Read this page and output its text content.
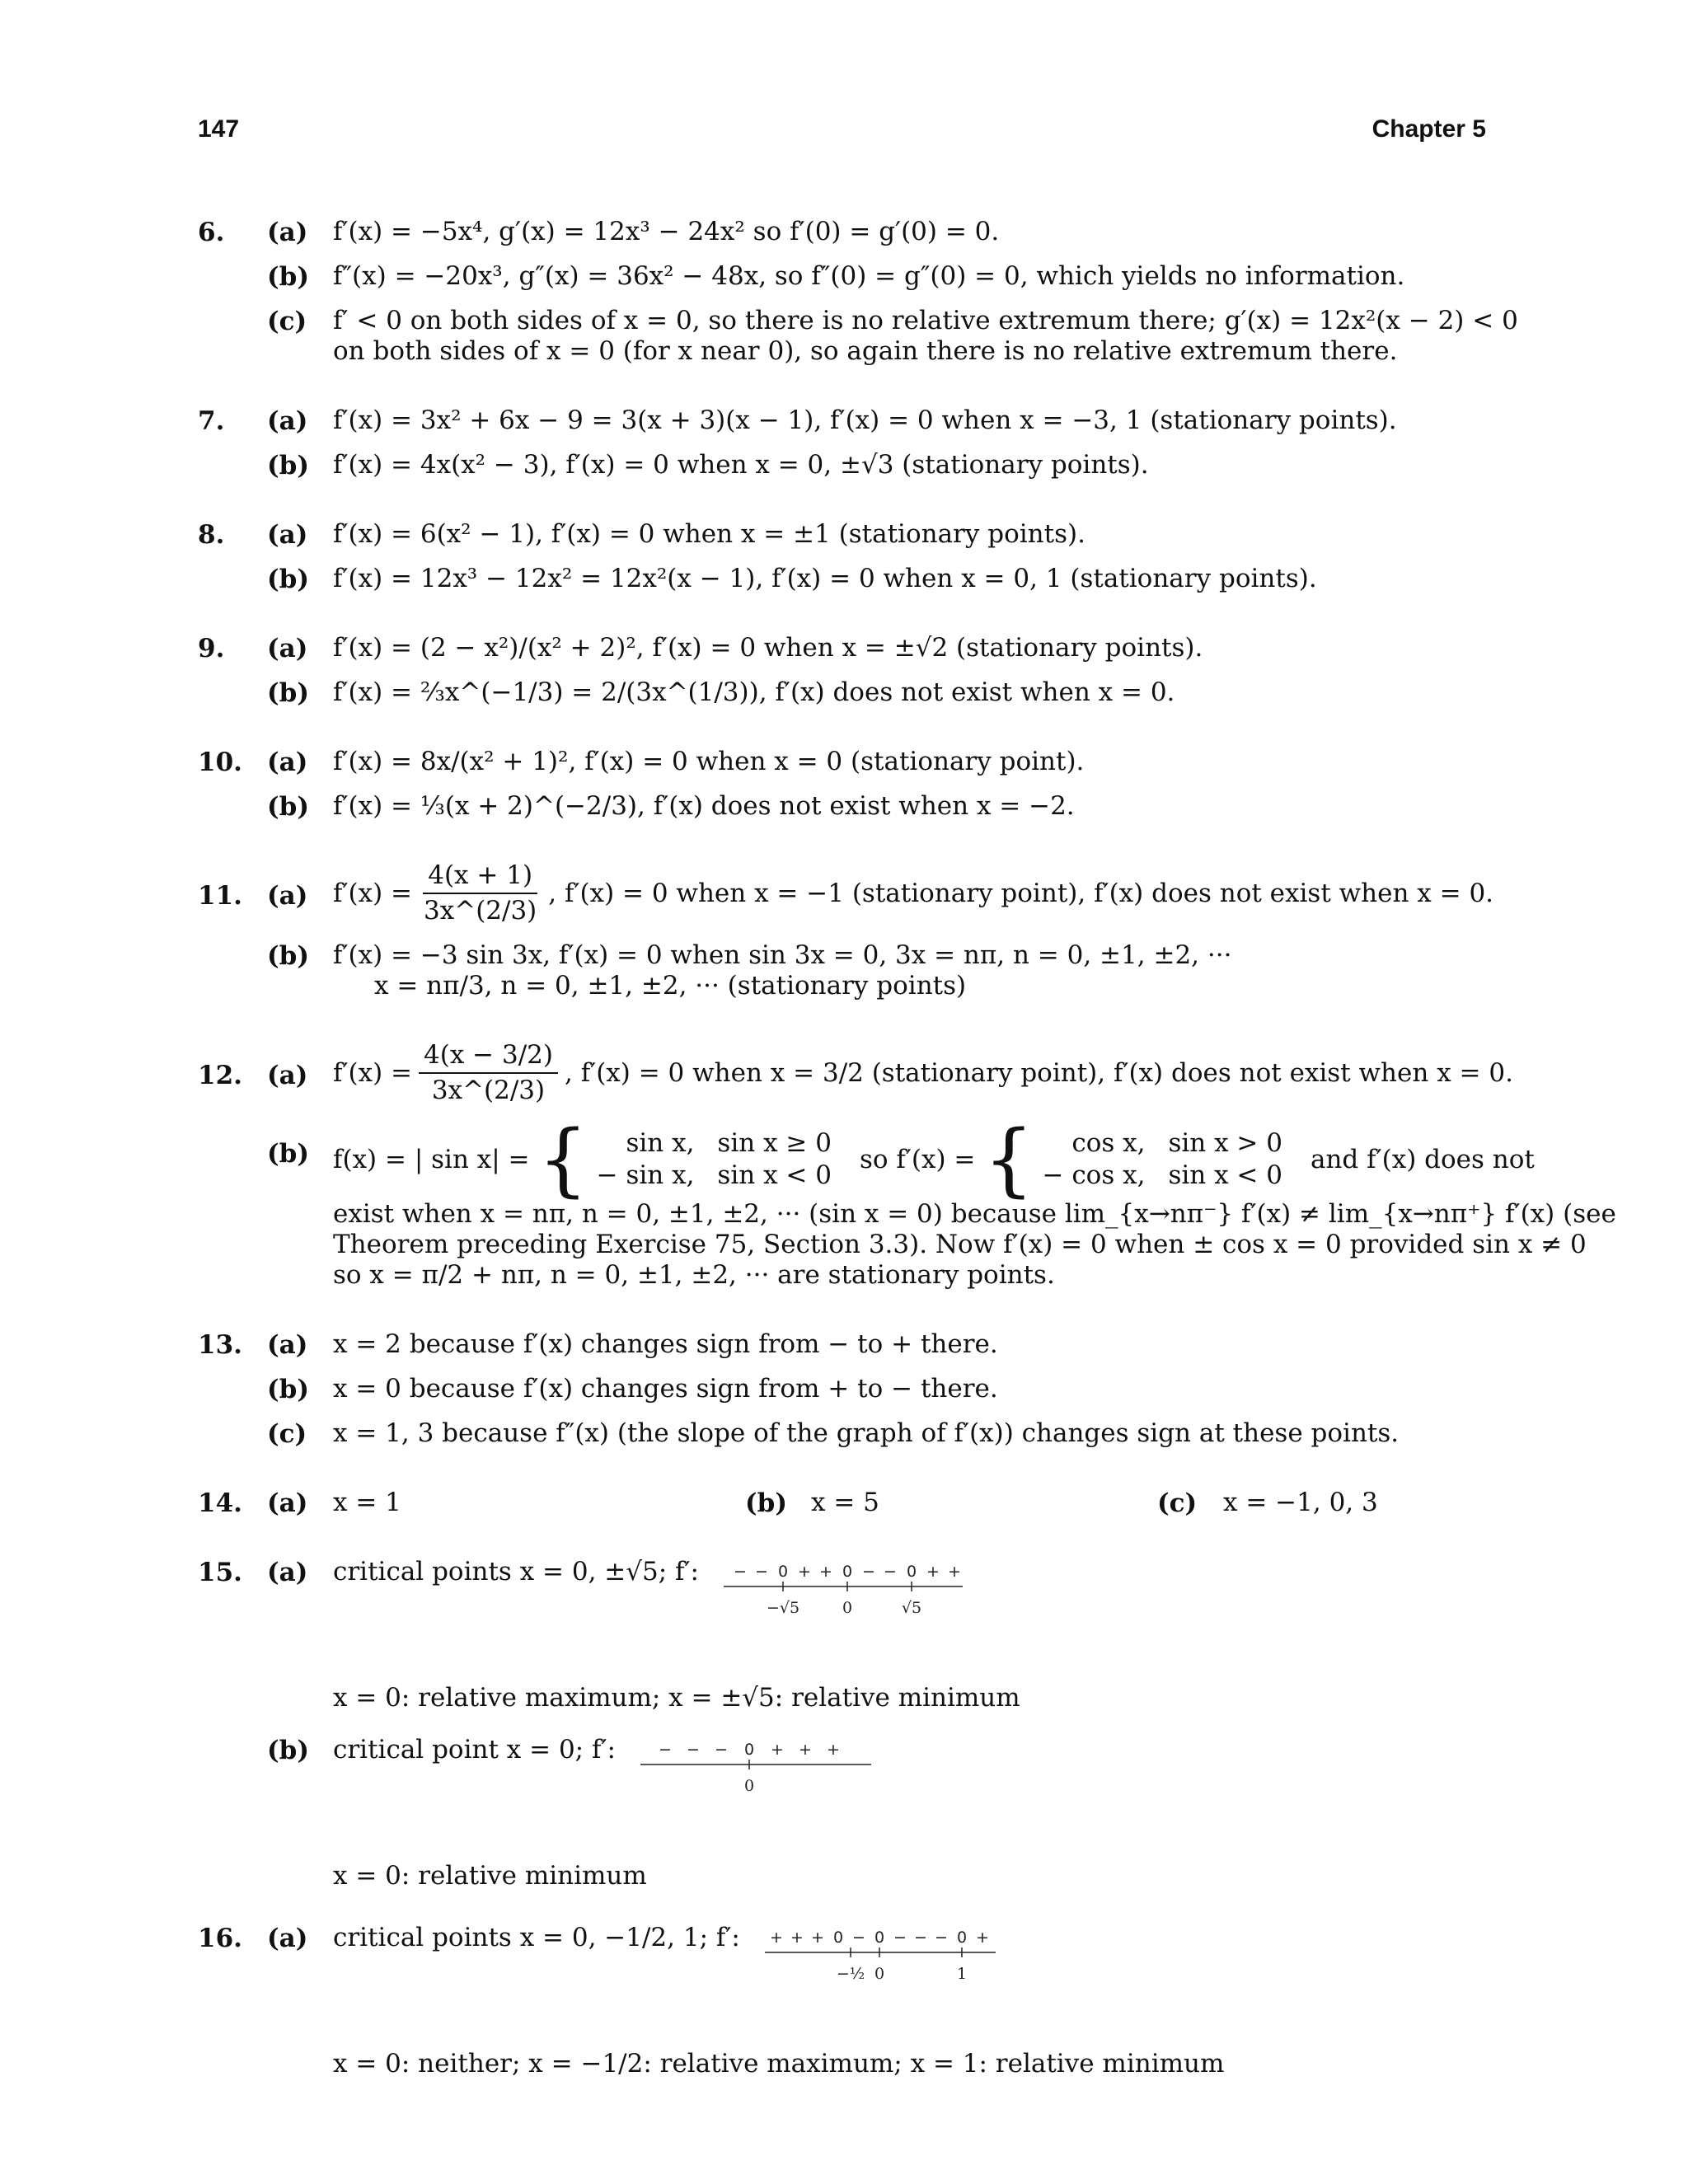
147	Chapter 5
6.	(a) f′(x) = −5x⁴, g′(x) = 12x³ − 24x² so f′(0) = g′(0) = 0.
(b) f″(x) = −20x³, g″(x) = 36x² − 48x, so f″(0) = g″(0) = 0, which yields no information.
(c)	f′ < 0 on both sides of x = 0, so there is no relative extremum there; g′(x) = 12x²(x − 2) < 0
on both sides of x = 0 (for x near 0), so again there is no relative extremum there.
7.	(a) f′(x) = 3x² + 6x − 9 = 3(x + 3)(x − 1), f′(x) = 0 when x = −3, 1 (stationary points).
(b) f′(x) = 4x(x² − 3), f′(x) = 0 when x = 0, ±√3 (stationary points).
8.	(a) f′(x) = 6(x² − 1), f′(x) = 0 when x = ±1 (stationary points).
(b) f′(x) = 12x³ − 12x² = 12x²(x − 1), f′(x) = 0 when x = 0, 1 (stationary points).
9.	(a) f′(x) = (2 − x²)/(x² + 2)², f′(x) = 0 when x = ±√2 (stationary points).
(b) f′(x) = ⅔x^(−1/3) = 2/(3x^(1/3)), f′(x) does not exist when x = 0.
10. (a) f′(x) = 8x/(x² + 1)², f′(x) = 0 when x = 0 (stationary point).
(b) f′(x) = ⅓(x + 2)^(−2/3), f′(x) does not exist when x = −2.
11. (a) $f'(x) = \frac{4(x + 1)}{3x\^{}(2/3)}$ , f′(x) = 0 when x = −1 (stationary point), f′(x) does not exist when x = 0.
(b) f′(x) = −3 sin 3x, f′(x) = 0 when sin 3x = 0, 3x = nπ, n = 0, ±1, ±2, ···
x = nπ/3, n = 0, ±1, ±2, ··· (stationary points)
12. (a) $f'(x) = \frac{4(x - 3/2)}{3x\^{}(2/3)}$ , f′(x) = 0 when x = 3/2 (stationary point), f′(x) does not exist when x = 0.
(b) f(x) = | sin x| = {	sin x, sin x ≥ 0
− sin x, sin x < 0
so f′(x) = {	cos x, sin x > 0
− cos x, sin x < 0
and f′(x) does not
exist when x = nπ, n = 0, ±1, ±2, ··· (sin x = 0) because lim_{x→nπ⁻} f′(x) ≠ lim_{x→nπ⁺} f′(x) (see
Theorem preceding Exercise 75, Section 3.3). Now f′(x) = 0 when ± cos x = 0 provided sin x ≠ 0
so x = π/2 + nπ, n = 0, ±1, ±2, ··· are stationary points.
13. (a) x = 2 because f′(x) changes sign from − to + there.
(b) x = 0 because f′(x) changes sign from + to − there.
(c)	x = 1, 3 because f″(x) (the slope of the graph of f′(x)) changes sign at these points.
14. (a) x = 1	(b) x = 5	(c)	x = −1, 0, 3
15. (a) critical points x = 0, ±√5; f′: − − 0 + + 0 − − 0 + +
−√5	0	√5
x = 0: relative maximum; x = ±√5: relative minimum
(b) critical point x = 0; f′:	− − − 0 + + +
0
x = 0: relative minimum
16. (a) critical points x = 0, −1/2, 1; f′: + + + 0 − 0 − − − 0 +
−½ 0	1
x = 0: neither; x = −1/2: relative maximum; x = 1: relative minimum
